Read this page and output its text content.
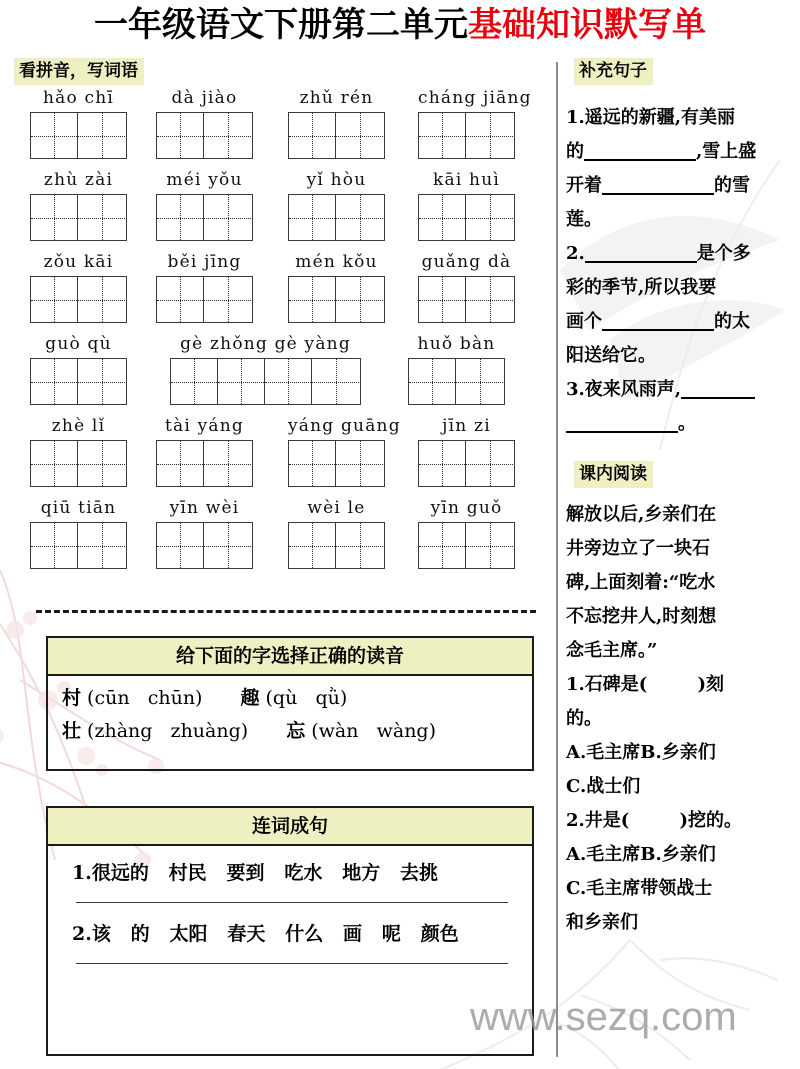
一年级语文下册第二单元基础知识默写单
看拼音，写词语
hǎo chī	dà jiào	zhǔ rén	cháng jiāng
zhù zài	méi yǒu	yǐ hòu	kāi huì
zǒu kāi	běi jīng	mén kǒu	guǎng dà
guò qù	gè zhǒng gè yàng	huǒ bàn
zhè lǐ	tài yáng	yáng guāng	jīn zi
qiū tiān	yīn wèi	wèi le	yīn guǒ
给下面的字选择正确的读音
村 (cūn   chūn) 趣 (qù   qǜ)
壮 (zhàng   zhuàng) 忘 (wàn   wàng)
连词成句
1.很远的   村民   要到   吃水   地方   去挑
2.该   的   太阳   春天   什么   画   呢   颜色
补充句子
1.遥远的新疆,有美丽
的	,雪上盛
开着	的雪
莲。
2.	是个多
彩的季节,所以我要
画个	的太
阳送给它。
3.夜来风雨声,
。
课内阅读
解放以后,乡亲们在
井旁边立了一块石
碑,上面刻着:“吃水
不忘挖井人,时刻想
念毛主席。”
1.石碑是(        )刻
的。
A.毛主席B.乡亲们
C.战士们
2.井是(        )挖的。
A.毛主席B.乡亲们
C.毛主席带领战士
和乡亲们
www.sezq.com
